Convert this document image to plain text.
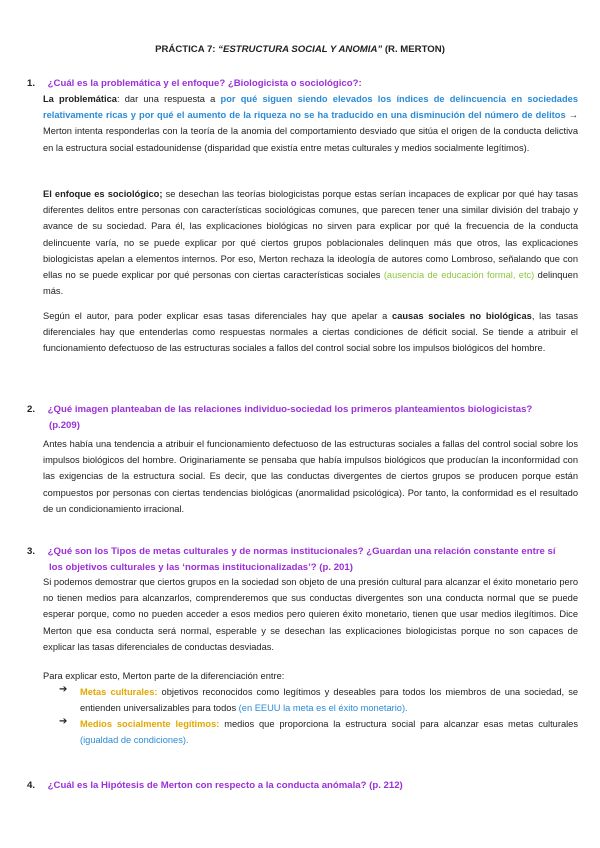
PRÁCTICA 7: “ESTRUCTURA SOCIAL Y ANOMIA” (R. MERTON)
1. ¿Cuál es la problemática y el enfoque? ¿Biologicista o sociológico?:
La problemática: dar una respuesta a por qué siguen siendo elevados los índices de delincuencia en sociedades relativamente ricas y por qué el aumento de la riqueza no se ha traducido en una disminución del número de delitos → Merton intenta responderlas con la teoría de la anomia del comportamiento desviado que sitúa el origen de la conducta delictiva en la estructura social estadounidense (disparidad que existía entre metas culturales y medios socialmente legítimos).
El enfoque es sociológico; se desechan las teorías biologicistas porque estas serían incapaces de explicar por qué hay tasas diferentes delitos entre personas con características sociológicas comunes, que parecen tener una similar división del trabajo y avance de su sociedad. Para él, las explicaciones biológicas no sirven para explicar por qué la frecuencia de la conducta delincuente varía, no se puede explicar por qué ciertos grupos poblacionales delinquen más que otros, las explicaciones biologicistas apelan a elementos internos. Por eso, Merton rechaza la ideología de autores como Lombroso, señalando que con ellas no se puede explicar por qué personas con ciertas características sociales (ausencia de educación formal, etc) delinquen más.
Según el autor, para poder explicar esas tasas diferenciales hay que apelar a causas sociales no biológicas, las tasas diferenciales hay que entenderlas como respuestas normales a ciertas condiciones de déficit social. Se tiende a atribuir el funcionamiento defectuoso de las estructuras sociales a fallos del control social sobre los impulsos biológicos del hombre.
2. ¿Qué imagen planteaban de las relaciones individuo-sociedad los primeros planteamientos biologicistas?
(p.209)
Antes había una tendencia a atribuir el funcionamiento defectuoso de las estructuras sociales a fallas del control social sobre los impulsos biológicos del hombre. Originariamente se pensaba que había impulsos biológicos que producían la inconformidad con las exigencias de la estructura social. Es decir, que las conductas divergentes de ciertos grupos se producen porque están compuestos por personas con ciertas tendencias biológicas (anormalidad psicológica). Por tanto, la conformidad es el resultado de un condicionamiento irracional.
3. ¿Qué son los Tipos de metas culturales y de normas institucionales? ¿Guardan una relación constante entre sí
los objetivos culturales y las ‘normas institucionalizadas’? (p. 201)
Si podemos demostrar que ciertos grupos en la sociedad son objeto de una presión cultural para alcanzar el éxito monetario pero no tienen medios para alcanzarlos, comprenderemos que sus conductas divergentes son una conducta normal que se puede esperar porque, como no pueden acceder a esos medios pero quieren éxito monetario, tienen que usar medios ilegítimos. Dice Merton que esa conducta será normal, esperable y se desechan las explicaciones biologicistas porque no son capaces de explicar las tasas diferenciales de conductas desviadas.
Para explicar esto, Merton parte de la diferenciación entre:
➔ Metas culturales: objetivos reconocidos como legítimos y deseables para todos los miembros de una sociedad, se entienden universalizables para todos (en EEUU la meta es el éxito monetario).
➔ Medios socialmente legítimos: medios que proporciona la estructura social para alcanzar esas metas culturales (igualdad de condiciones).
4. ¿Cuál es la Hipótesis de Merton con respecto a la conducta anómala? (p. 212)
